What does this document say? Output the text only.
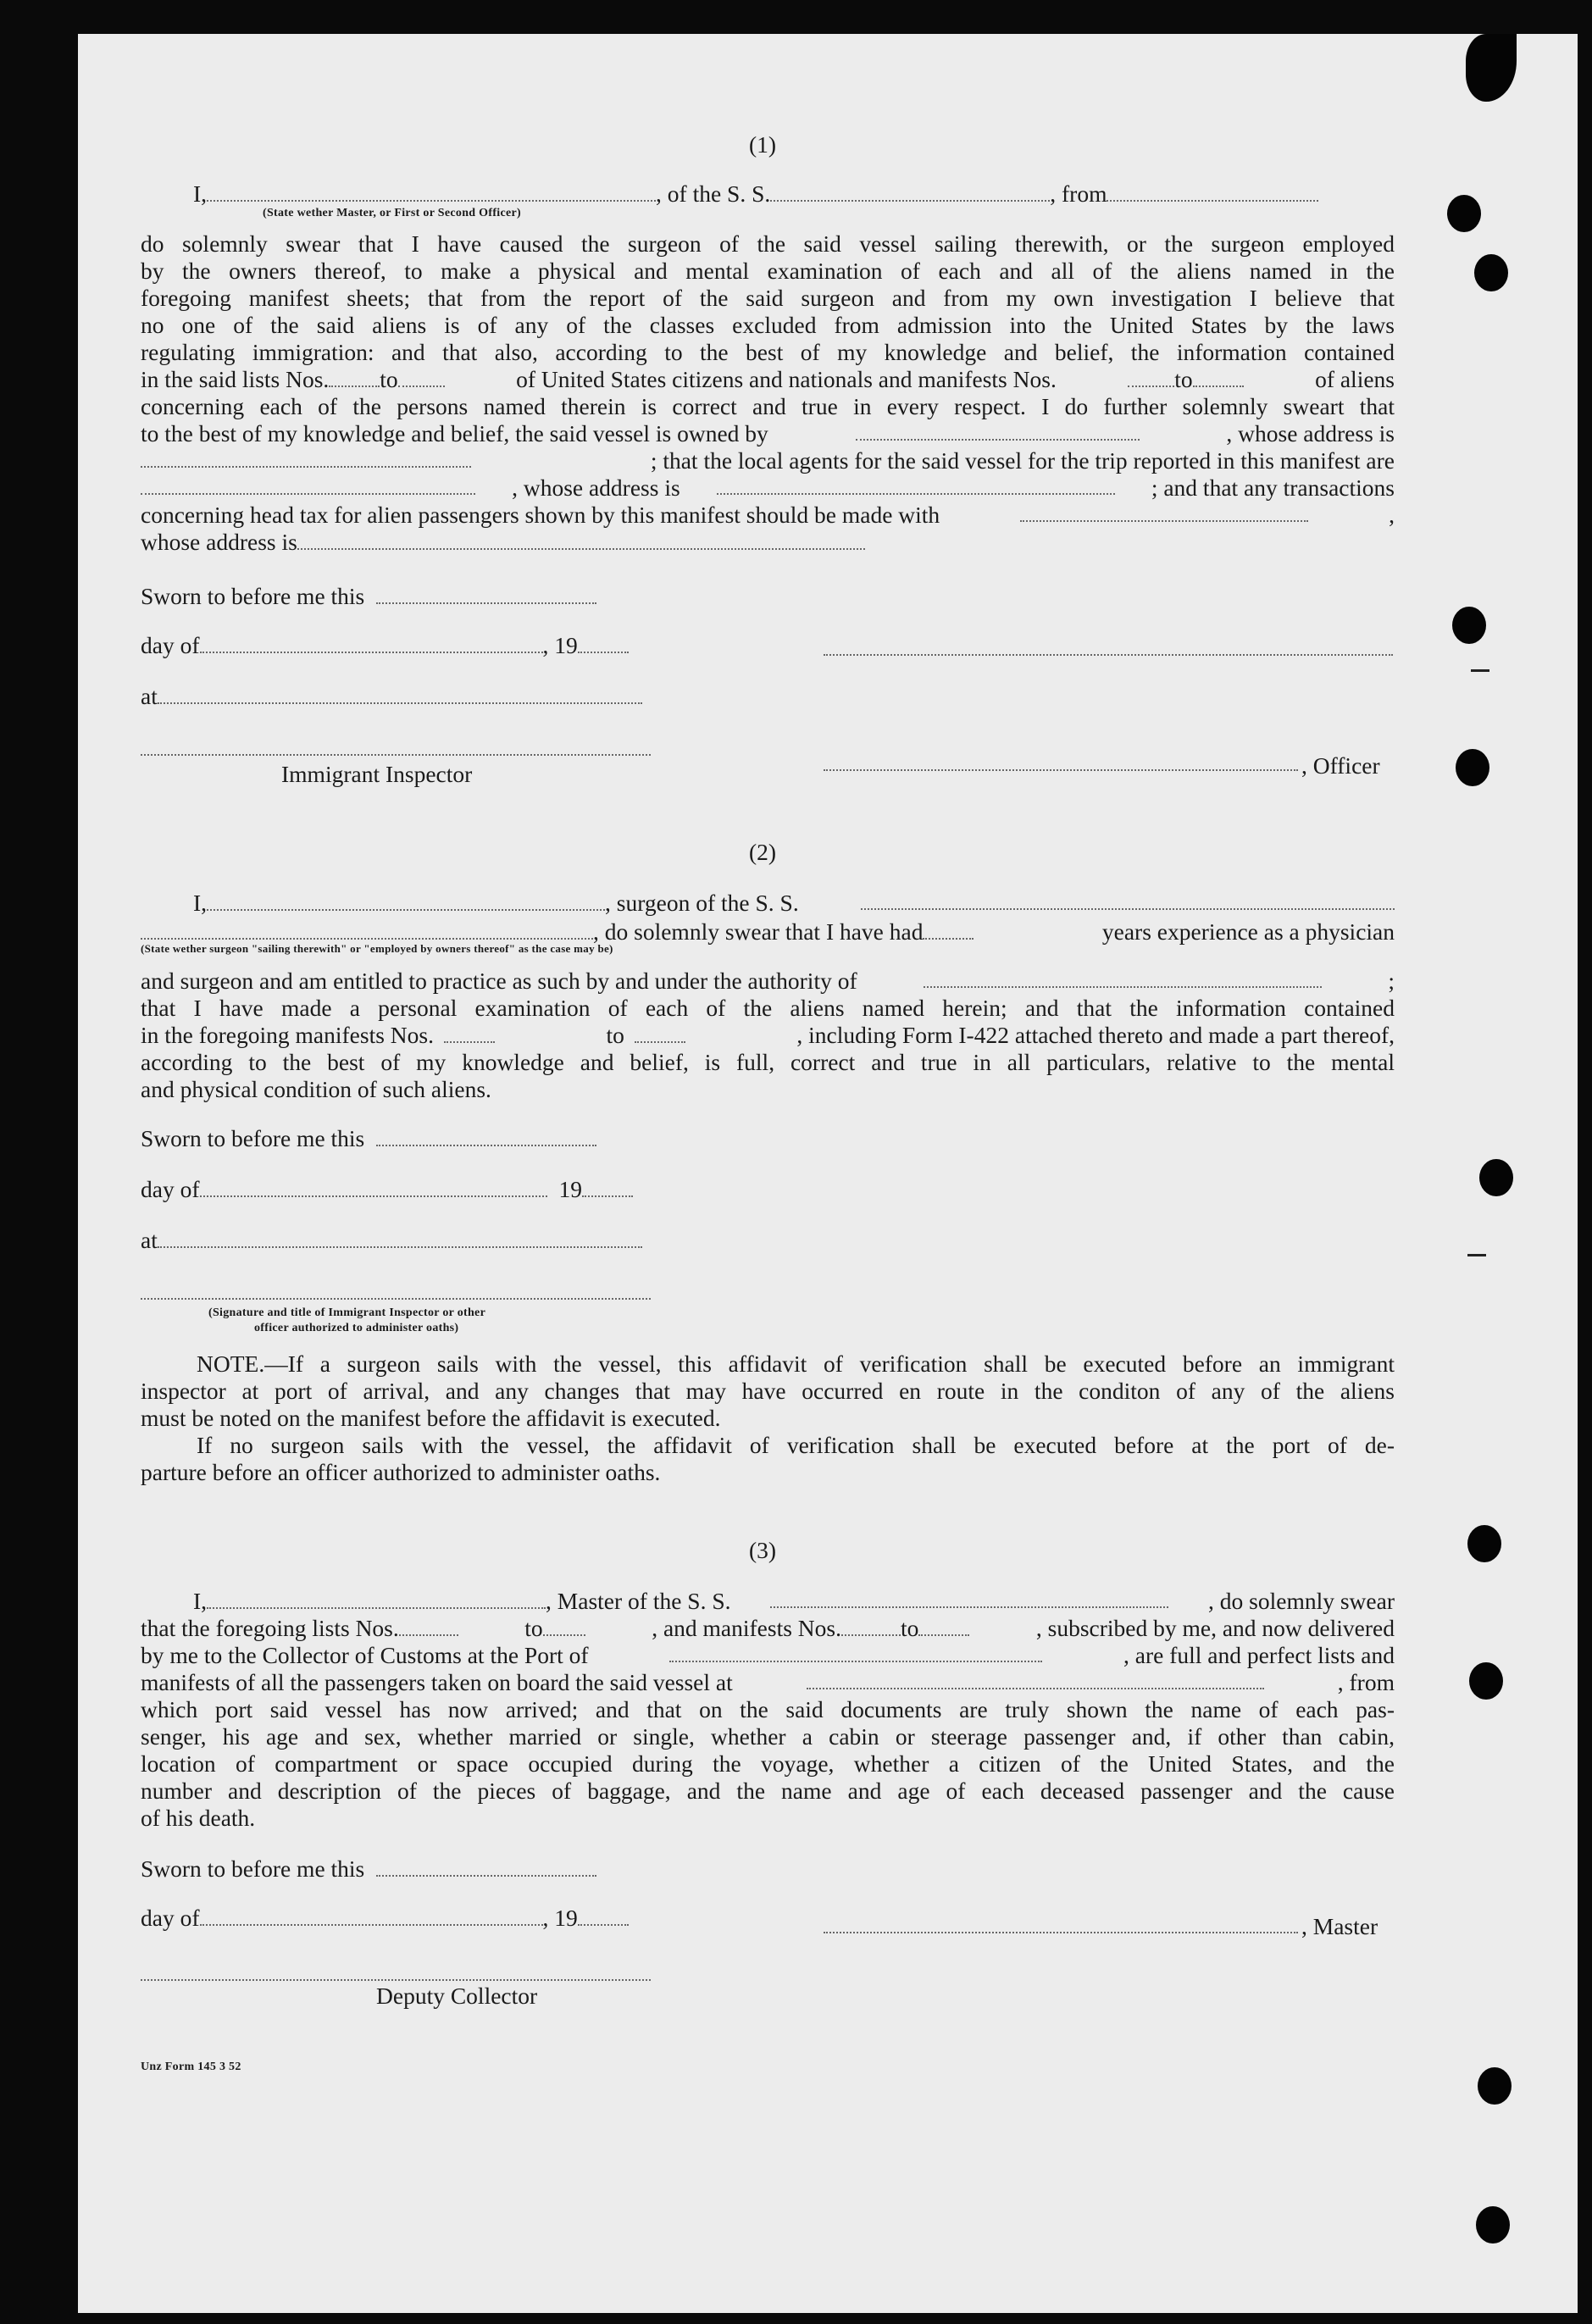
(1)
I,	, of the S. S.	, from
(State wether Master, or First or Second Officer)
do solemnly swear that I have caused the surgeon of the said vessel sailing therewith, or the surgeon employed
by the owners thereof, to make a physical and mental examination of each and all of the aliens named in the
foregoing manifest sheets; that from the report of the said surgeon and from my own investigation I believe that
no one of the said aliens is of any of the classes excluded from admission into the United States by the laws
regulating immigration: and that also, according to the best of my knowledge and belief, the information contained
in the said lists Nos. to	of United States citizens and nationals and manifests Nos.	to	of aliens
concerning each of the persons named therein is correct and true in every respect. I do further solemnly sweart that
to the best of my knowledge and belief, the said vessel is owned by	, whose address is
; that the local agents for the said vessel for the trip reported in this manifest are
, whose address is	; and that any transactions
concerning head tax for alien passengers shown by this manifest should be made with	,
whose address is
Sworn to before me this
day of	, 19
at
Immigrant Inspector	, Officer
(2)
I,	, surgeon of the S. S.
, do solemnly swear that I have had	years experience as a physician
(State wether surgeon "sailing therewith" or "employed by owners thereof" as the case may be)
and surgeon and am entitled to practice as such by and under the authority of	;
that I have made a personal examination of each of the aliens named herein; and that the information contained
in the foregoing manifests Nos.	to	, including Form I-422 attached thereto and made a part thereof,
according to the best of my knowledge and belief, is full, correct and true in all particulars, relative to the mental
and physical condition of such aliens.
Sworn to before me this
day of	19
at
(Signature and title of Immigrant Inspector or other
officer authorized to administer oaths)
NOTE.—If a surgeon sails with the vessel, this affidavit of verification shall be executed before an immigrant
inspector at port of arrival, and any changes that may have occurred en route in the conditon of any of the aliens
must be noted on the manifest before the affidavit is executed.
If no surgeon sails with the vessel, the affidavit of verification shall be executed before at the port of de-
parture before an officer authorized to administer oaths.
(3)
I,	, Master of the S. S.	, do solemnly swear
that the foregoing lists Nos.	to	, and manifests Nos.	to	, subscribed by me, and now delivered
by me to the Collector of Customs at the Port of	, are full and perfect lists and
manifests of all the passengers taken on board the said vessel at	, from
which port said vessel has now arrived; and that on the said documents are truly shown the name of each pas-
senger, his age and sex, whether married or single, whether a cabin or steerage passenger and, if other than cabin,
location of compartment or space occupied during the voyage, whether a citizen of the United States, and the
number and description of the pieces of baggage, and the name and age of each deceased passenger and the cause
of his death.
Sworn to before me this
day of	, 19	, Master
Deputy Collector
Unz Form 145 3 52
